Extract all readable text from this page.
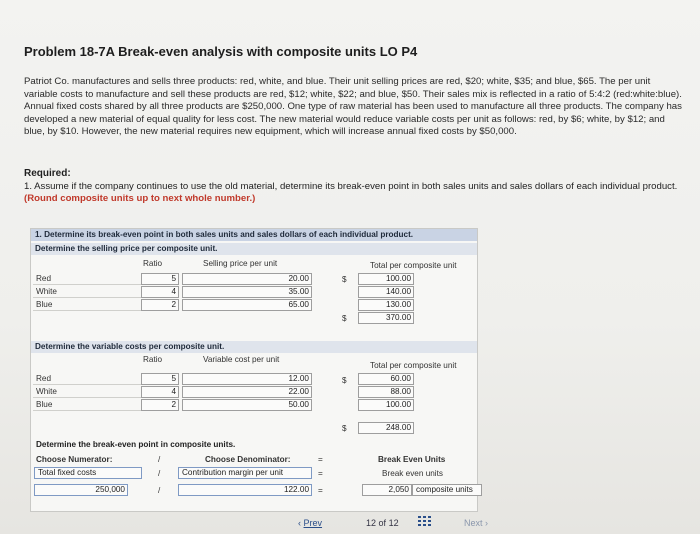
Problem 18-7A Break-even analysis with composite units LO P4
Patriot Co. manufactures and sells three products: red, white, and blue. Their unit selling prices are red, $20; white, $35; and blue, $65. The per unit variable costs to manufacture and sell these products are red, $12; white, $22; and blue, $50. Their sales mix is reflected in a ratio of 5:4:2 (red:white:blue). Annual fixed costs shared by all three products are $250,000. One type of raw material has been used to manufacture all three products. The company has developed a new material of equal quality for less cost. The new material would reduce variable costs per unit as follows: red, by $6; white, by $12; and blue, by $10. However, the new material requires new equipment, which will increase annual fixed costs by $50,000.
Required:
1. Assume if the company continues to use the old material, determine its break-even point in both sales units and sales dollars of each individual product. (Round composite units up to next whole number.)
1. Determine its break-even point in both sales units and sales dollars of each individual product.
Determine the selling price per composite unit.
Ratio	Selling price per unit	Total per composite unit
Red	5	20.00	$	100.00
White	4	35.00	140.00
Blue	2	65.00	130.00
$	370.00
Determine the variable costs per composite unit.
Ratio	Variable cost per unit
Total per composite unit
Red	5	12.00	$	60.00
White	4	22.00	88.00
Blue	2	50.00	100.00
$	248.00
Determine the break-even point in composite units.
Choose Numerator:	/	Choose Denominator:	=	Break Even Units
Total fixed costs	/	Contribution margin per unit	=	Break even units
250,000	/	122.00	=	2,050 composite units
‹ Prev	12 of 12	Next ›
